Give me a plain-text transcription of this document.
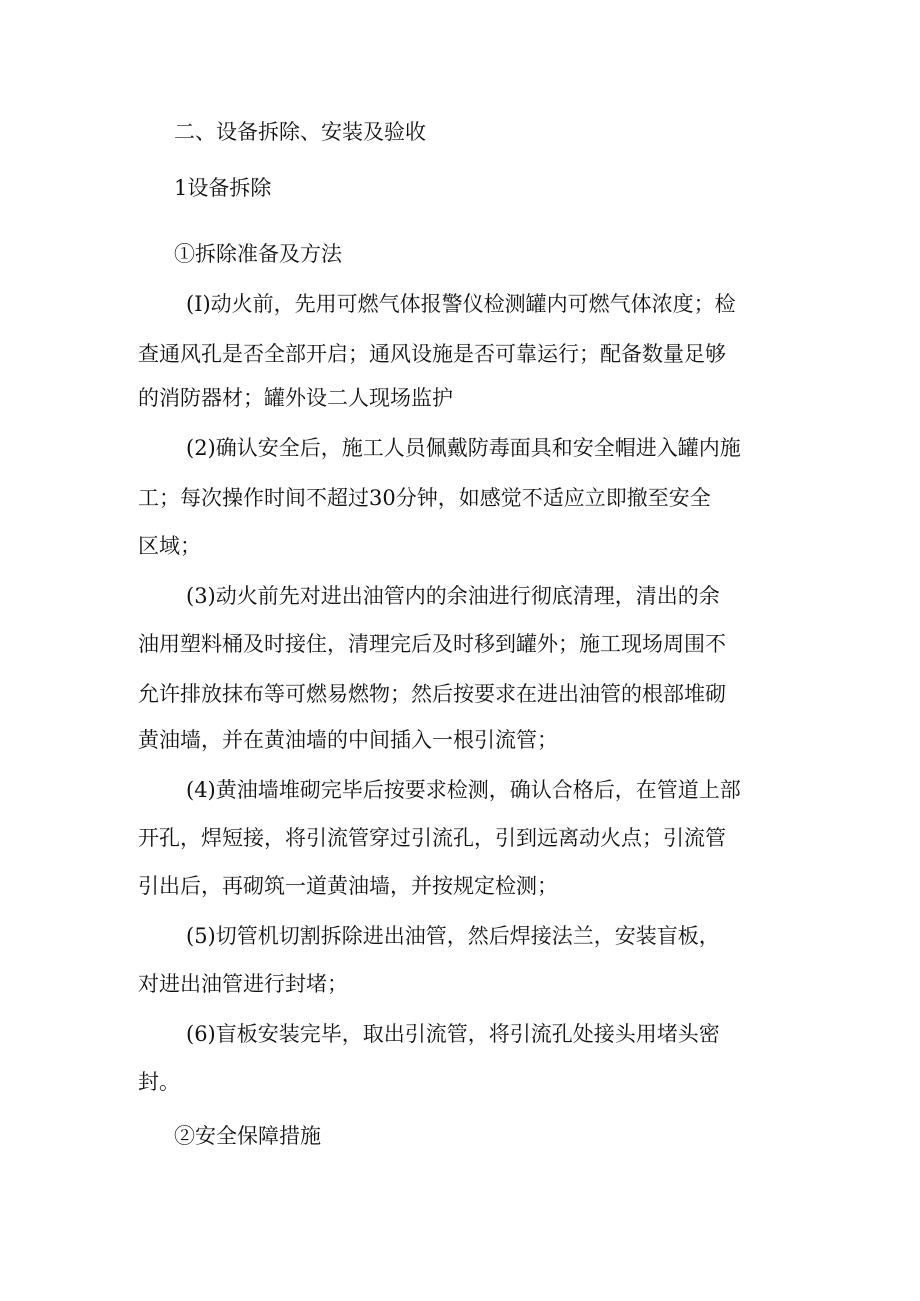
二、设备拆除、安装及验收
1设备拆除
①拆除准备及方法
(I)动火前，先用可燃气体报警仪检测罐内可燃气体浓度；检
查通风孔是否全部开启；通风设施是否可靠运行；配备数量足够
的消防器材；罐外设二人现场监护
(2)确认安全后，施工人员佩戴防毒面具和安全帽进入罐内施
工；每次操作时间不超过30分钟，如感觉不适应立即撤至安全
区域；
(3)动火前先对进出油管内的余油进行彻底清理，清出的余
油用塑料桶及时接住，清理完后及时移到罐外；施工现场周围不
允许排放抹布等可燃易燃物；然后按要求在进出油管的根部堆砌
黄油墙，并在黄油墙的中间插入一根引流管；
(4)黄油墙堆砌完毕后按要求检测，确认合格后，在管道上部
开孔，焊短接，将引流管穿过引流孔，引到远离动火点；引流管
引出后，再砌筑一道黄油墙，并按规定检测；
(5)切管机切割拆除进出油管，然后焊接法兰，安装盲板，
对进出油管进行封堵；
(6)盲板安装完毕，取出引流管，将引流孔处接头用堵头密
封。
②安全保障措施
